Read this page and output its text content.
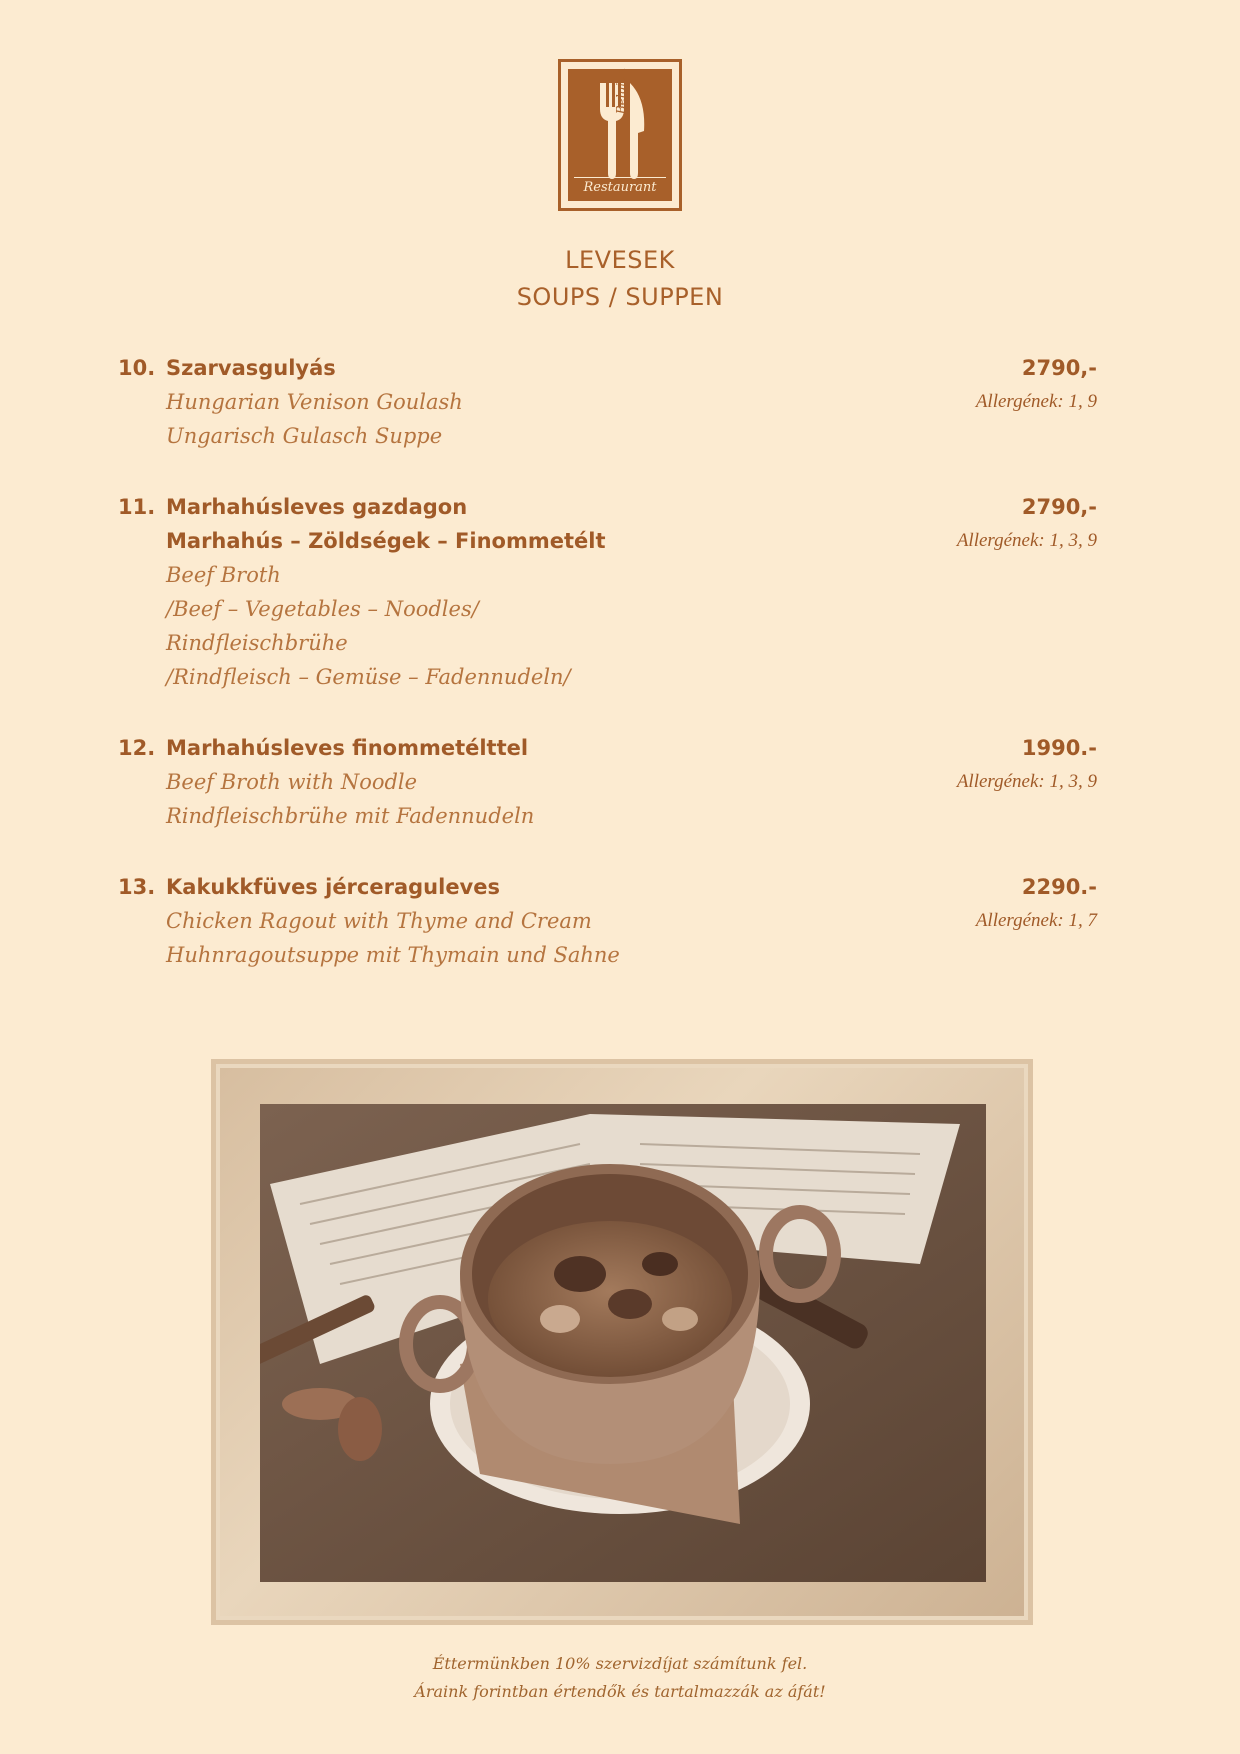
Belgian
Restaurant
LEVESEK
SOUPS / SUPPEN
10. Szarvasgulyás
Hungarian Venison Goulash
Ungarisch Gulasch Suppe
2790,-
Allergének: 1, 9
11. Marhahúsleves gazdagon
Marhahús – Zöldségek – Finommetélt
Beef Broth
/Beef – Vegetables – Noodles/
Rindfleischbrühe
/Rindfleisch – Gemüse – Fadennudeln/
2790,-
Allergének: 1, 3, 9
12. Marhahúsleves finommetélttel
Beef Broth with Noodle
Rindfleischbrühe mit Fadennudeln
1990.-
Allergének: 1, 3, 9
13. Kakukkfüves jérceraguleves
Chicken Ragout with Thyme and Cream
Huhnragoutsuppe mit Thymain und Sahne
2290.-
Allergének: 1, 7
Éttermünkben 10% szervizdíjat számítunk fel.
Áraink forintban értendők és tartalmazzák az áfát!
